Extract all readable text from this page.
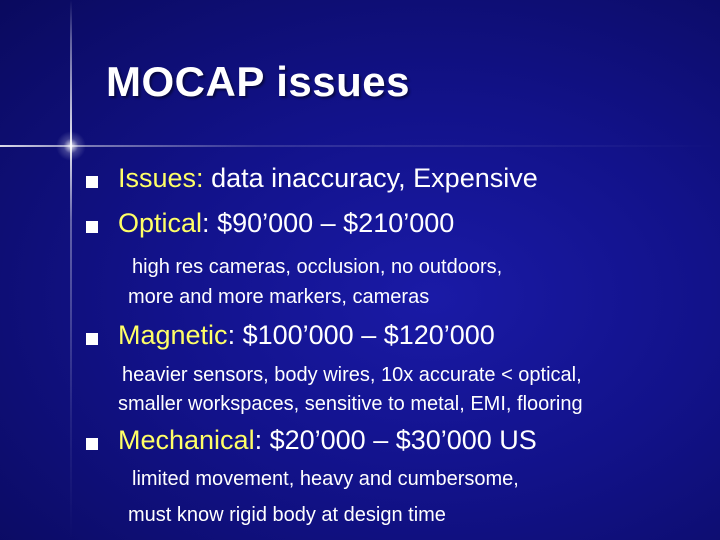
MOCAP issues
Issues: data inaccuracy, Expensive
Optical: $90’000 – $210’000
high res cameras, occlusion, no outdoors,
more and more markers, cameras
Magnetic: $100’000 – $120’000
heavier sensors, body wires, 10x accurate < optical,
smaller workspaces, sensitive to metal, EMI, flooring
Mechanical: $20’000 – $30’000 US
limited movement, heavy and cumbersome,
must know rigid body at design time
